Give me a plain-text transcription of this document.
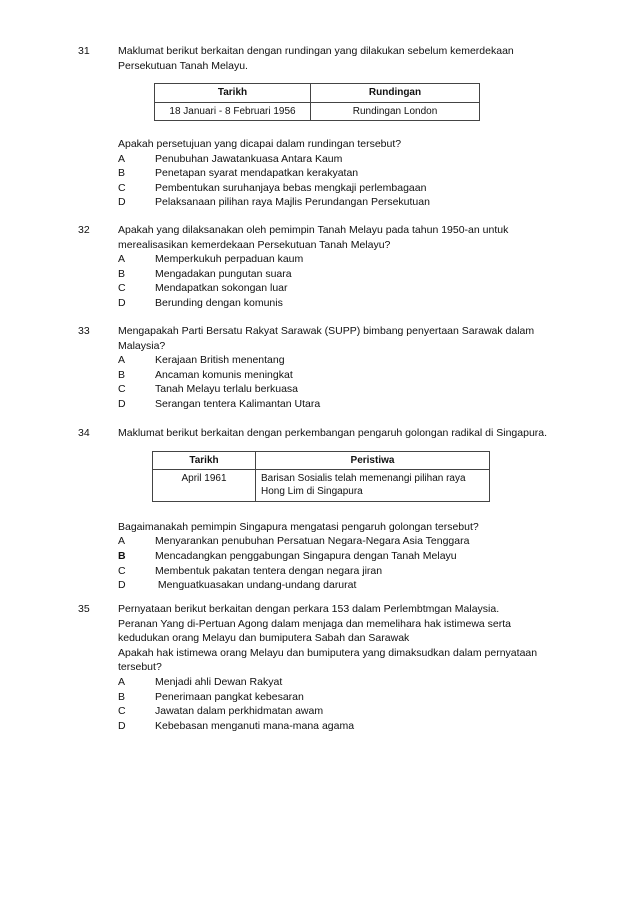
31	Maklumat berikut berkaitan dengan rundingan yang dilakukan sebelum kemerdekaan
Persekutuan Tanah Melayu.
Tarikh	Rundingan
18 Januari - 8 Februari 1956	Rundingan London
Apakah persetujuan yang dicapai dalam rundingan tersebut?
A	Penubuhan Jawatankuasa Antara Kaum
B	Penetapan syarat mendapatkan kerakyatan
C	Pembentukan suruhanjaya bebas mengkaji perlembagaan
D	Pelaksanaan pilihan raya Majlis Perundangan Persekutuan
32	Apakah yang dilaksanakan oleh pemimpin Tanah Melayu pada tahun 1950-an untuk
merealisasikan kemerdekaan Persekutuan Tanah Melayu?
A	Memperkukuh perpaduan kaum
B	Mengadakan pungutan suara
C	Mendapatkan sokongan luar
D	Berunding dengan komunis
33	Mengapakah Parti Bersatu Rakyat Sarawak (SUPP) bimbang penyertaan Sarawak dalam
Malaysia?
A	Kerajaan British menentang
B	Ancaman komunis meningkat
C	Tanah Melayu terlalu berkuasa
D	Serangan tentera Kalimantan Utara
34	Maklumat berikut berkaitan dengan perkembangan pengaruh golongan radikal di Singapura.
Tarikh	Peristiwa
April 1961	Barisan Sosialis telah memenangi pilihan raya Hong Lim di Singapura
Bagaimanakah pemimpin Singapura mengatasi pengaruh golongan tersebut?
A	Menyarankan penubuhan Persatuan Negara-Negara Asia Tenggara
B	Mencadangkan penggabungan Singapura dengan Tanah Melayu
C	Membentuk pakatan tentera dengan negara jiran
D	Menguatkuasakan undang-undang darurat
35	Pernyataan berikut berkaitan dengan perkara 153 dalam Perlembtmgan Malaysia.
Peranan Yang di-Pertuan Agong dalam menjaga dan memelihara hak istimewa serta
kedudukan orang Melayu dan bumiputera Sabah dan Sarawak
Apakah hak istimewa orang Melayu dan bumiputera yang dimaksudkan dalam pernyataan
tersebut?
A	Menjadi ahli Dewan Rakyat
B	Penerimaan pangkat kebesaran
C	Jawatan dalam perkhidmatan awam
D	Kebebasan menganuti mana-mana agama
